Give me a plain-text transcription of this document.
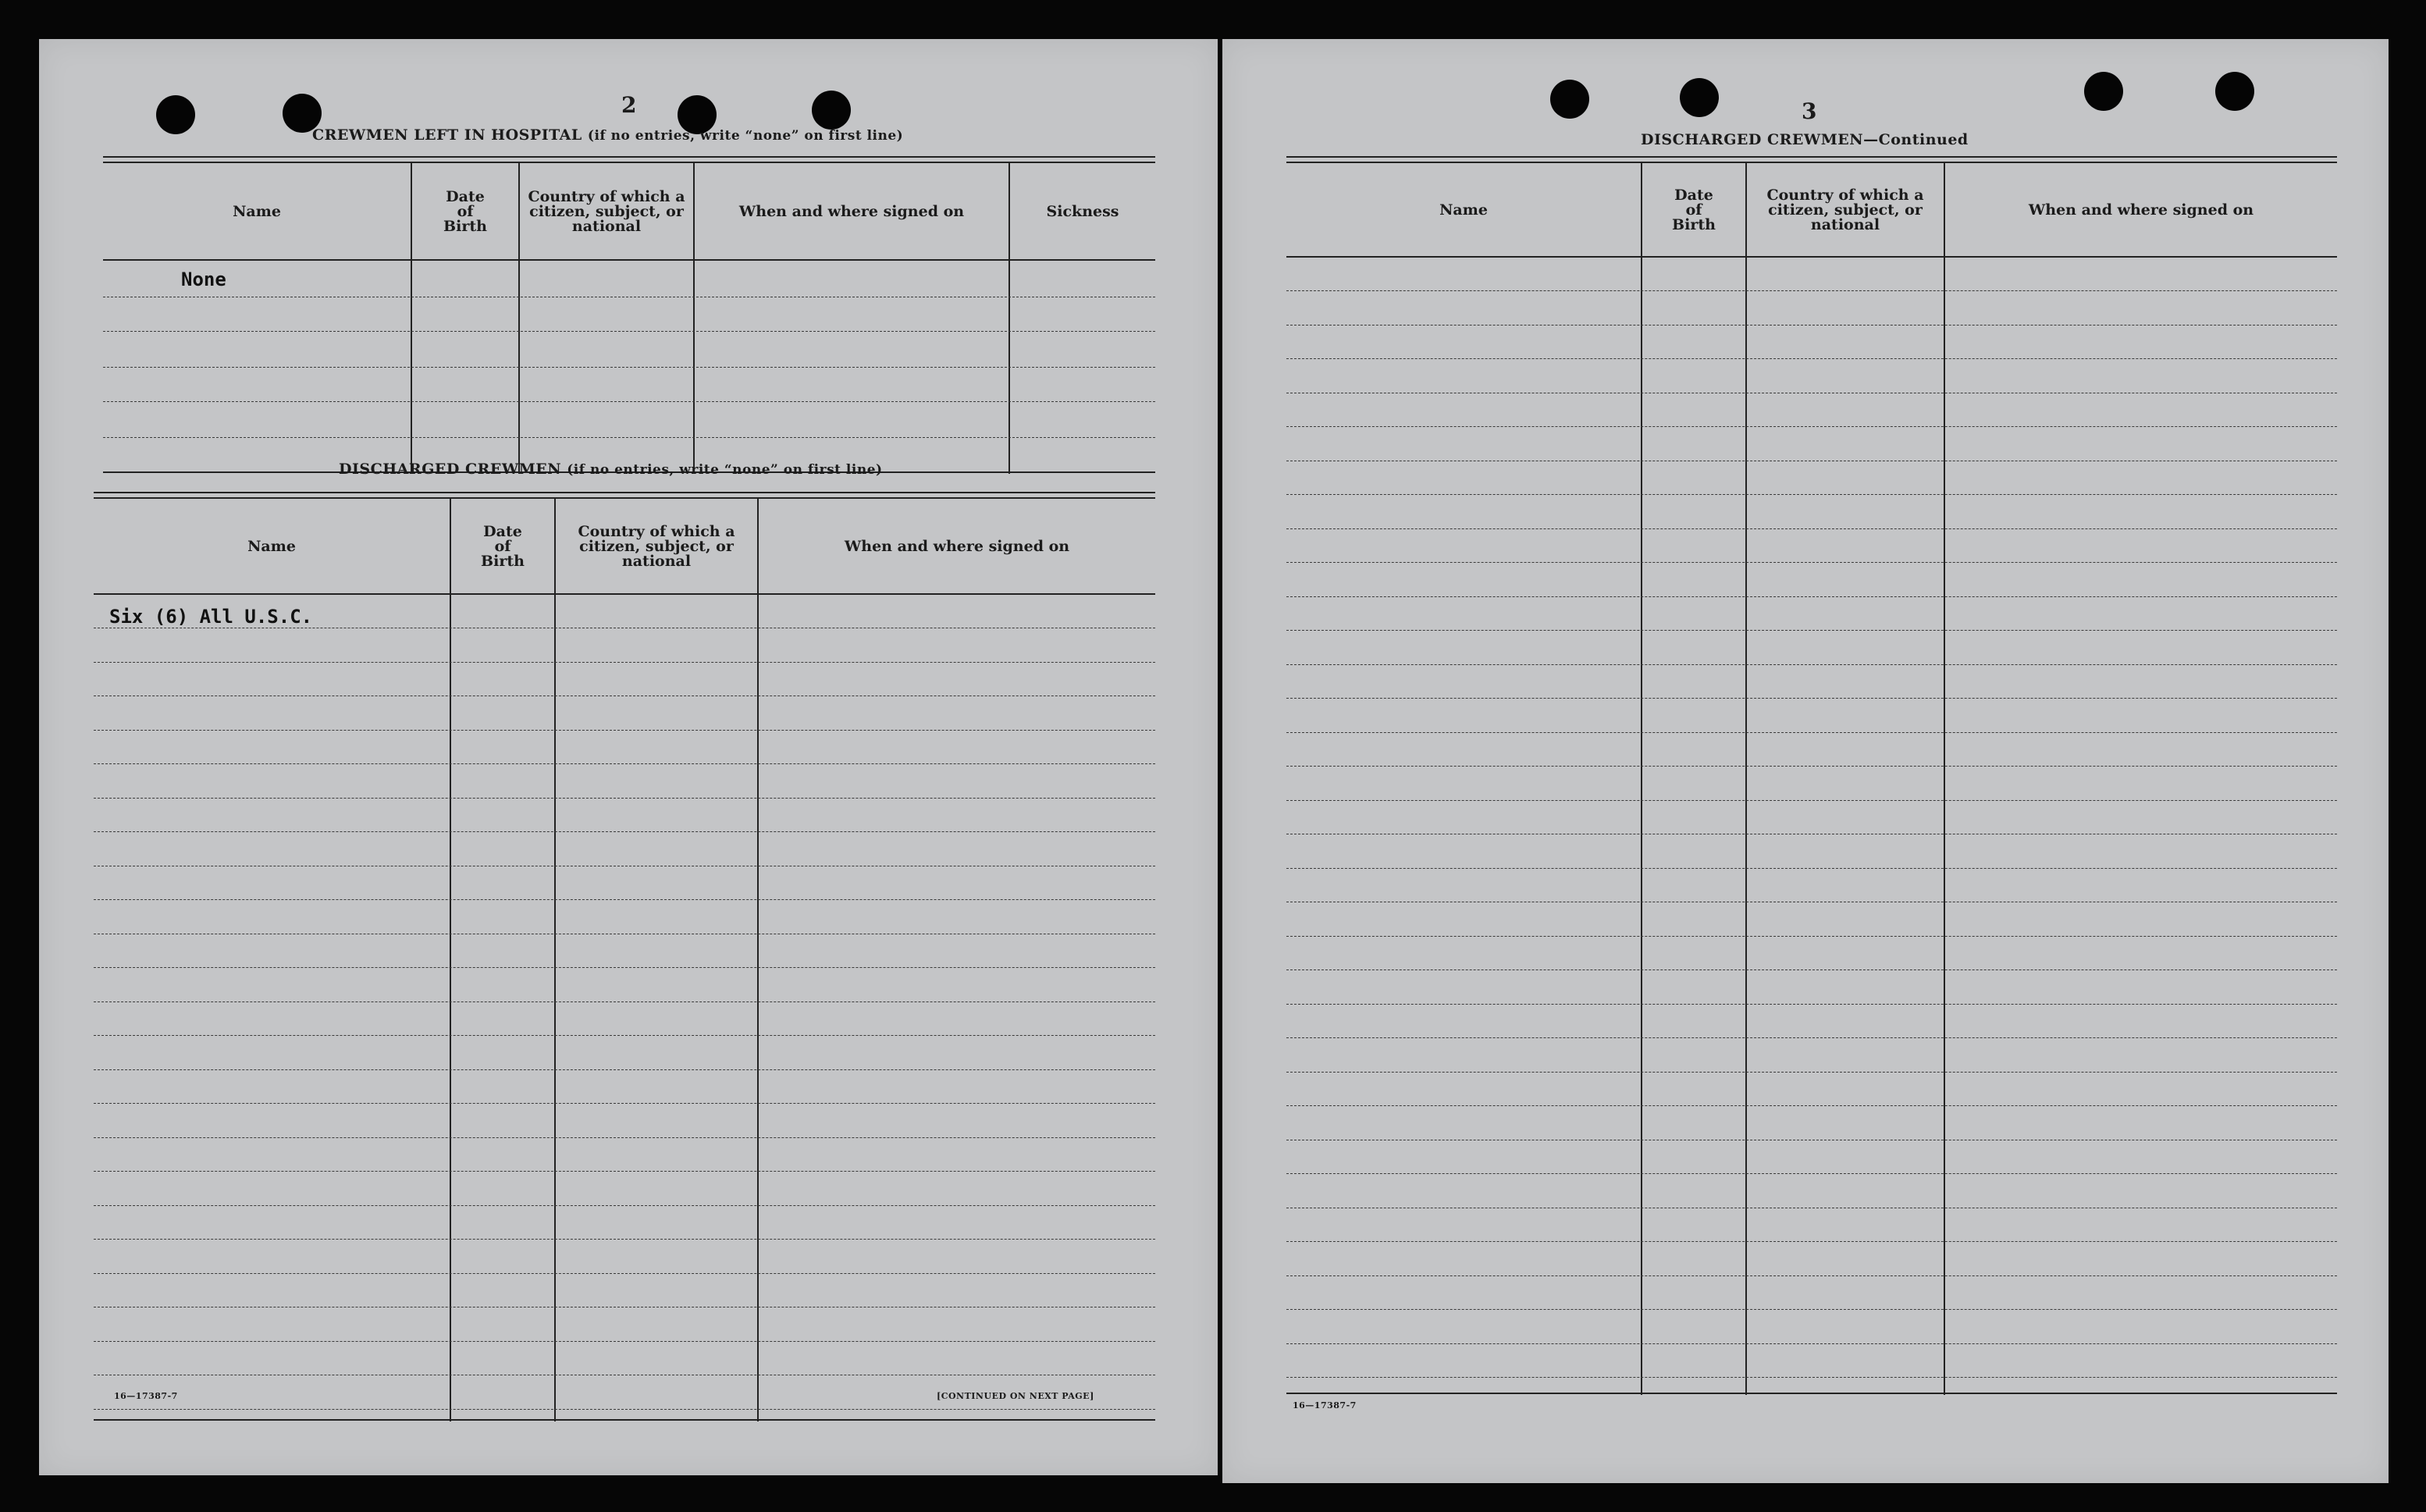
2
CREWMEN LEFT IN HOSPITAL (if no entries, write “none” on first line)
Name
Date
of
Birth
Country of which a
citizen, subject, or
national
When and where signed on	Sickness
None
DISCHARGED CREWMEN (if no entries, write “none” on first line)
Name
Date
of
Birth
Country of which a
citizen, subject, or
national
When and where signed on
Six (6) All U.S.C.
16—17387-7	[CONTINUED ON NEXT PAGE]
3
DISCHARGED CREWMEN—Continued
Name
Date
of
Birth
Country of which a
citizen, subject, or
national
When and where signed on
16—17387-7
